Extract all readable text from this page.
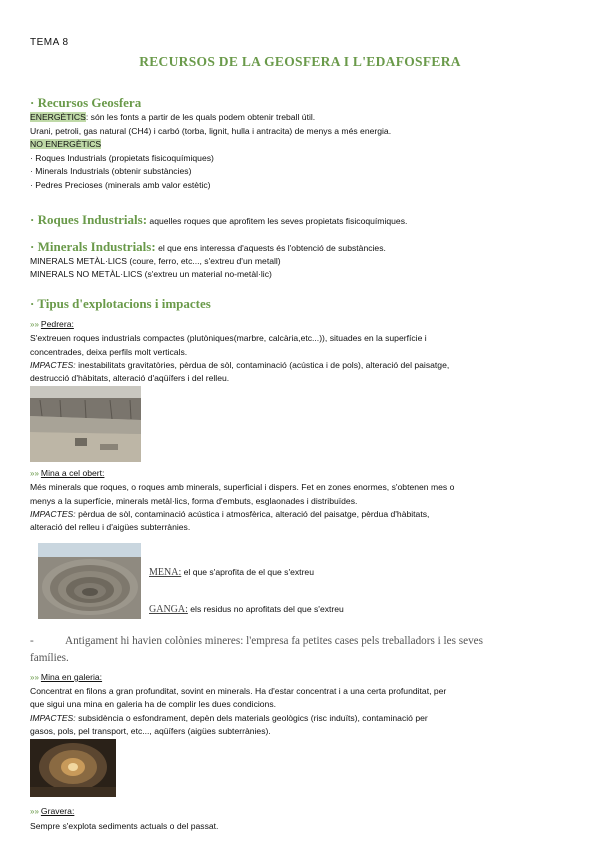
TEMA 8
RECURSOS DE LA GEOSFERA I L'EDAFOSFERA
· Recursos Geosfera
ENERGÈTICS: són les fonts a partir de les quals podem obtenir treball útil.
Urani, petroli, gas natural (CH4) i carbó (torba, lignit, hulla i antracita) de menys a més energia.
NO ENERGÈTICS
· Roques Industrials (propietats fisicoquímiques)
· Minerals Industrials (obtenir substàncies)
· Pedres Precioses (minerals amb valor estètic)
· Roques Industrials: aquelles roques que aprofitem les seves propietats fisicoquímiques.
· Minerals Industrials: el que ens interessa d'aquests és l'obtenció de substàncies.
MINERALS METÀL·LICS (coure, ferro, etc..., s'extreu d'un metall)
MINERALS NO METÀL·LICS (s'extreu un material no-metàl·lic)
· Tipus d'explotacions i impactes
»» Pedrera:
S'extreuen roques industrials compactes (plutòniques(marbre, calcària,etc...)), situades en la superfície i
concentrades, deixa perfils molt verticals.
IMPACTES: inestabilitats gravitatòries, pèrdua de sòl, contaminació (acústica i de pols), alteració del paisatge,
destrucció d'hàbitats, alteració d'aqüífers i del relleu.
»» Mina a cel obert:
Més minerals que roques, o roques amb minerals, superficial i dispers. Fet en zones enormes, s'obtenen mes o
menys a la superfície, minerals metàl·lics, forma d'embuts, esglaonades i distribuïdes.
IMPACTES: pèrdua de sòl, contaminació acústica i atmosfèrica, alteració del paisatge, pèrdua d'hàbitats,
alteració del relleu i d'aigües subterrànies.
MENA: el que s'aprofita de el que s'extreu
GANGA: els residus no aprofitats del que s'extreu
-	Antigament hi havien colònies mineres: l'empresa fa petites cases pels treballadors i les seves
famílies.
»» Mina en galeria:
Concentrat en filons a gran profunditat, sovint en minerals. Ha d'estar concentrat i a una certa profunditat, per
que sigui una mina en galeria ha de complir les dues condicions.
IMPACTES: subsidència o esfondrament, depèn dels materials geològics (risc induïts), contaminació per
gasos, pols, pel transport, etc..., aqüífers (aigües subterrànies).
»» Gravera:
Sempre s'explota sediments actuals o del passat.
